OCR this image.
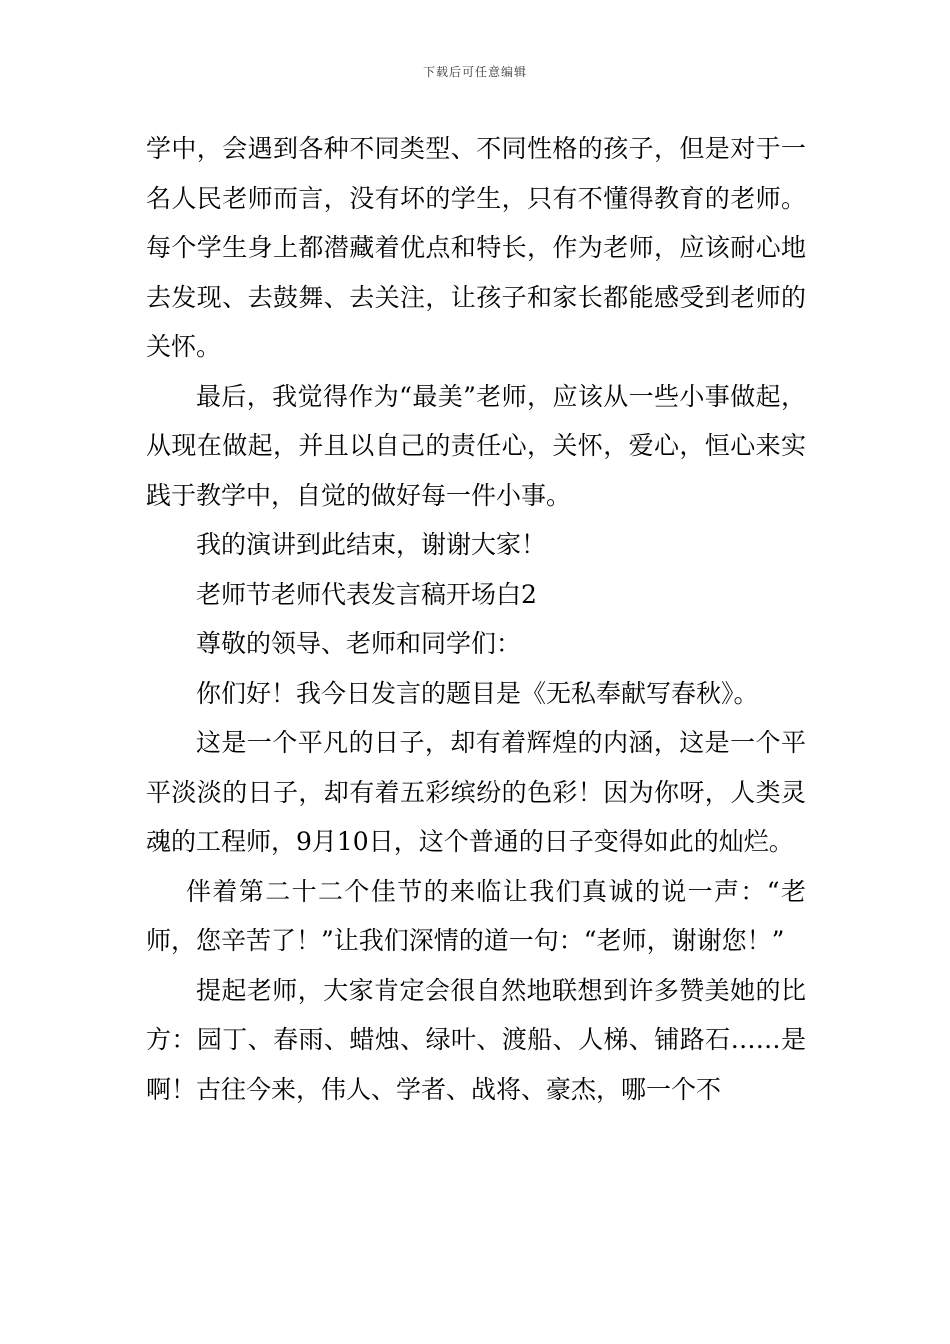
下载后可任意编辑

学中，会遇到各种不同类型、不同性格的孩子，但是对于一名人民老师而言，没有坏的学生，只有不懂得教育的老师。每个学生身上都潜藏着优点和特长，作为老师，应该耐心地去发现、去鼓舞、去关注，让孩子和家长都能感受到老师的关怀。

最后，我觉得作为“最美”老师，应该从一些小事做起，从现在做起，并且以自己的责任心，关怀，爱心，恒心来实践于教学中，自觉的做好每一件小事。

我的演讲到此结束，谢谢大家！

老师节老师代表发言稿开场白2

尊敬的领导、老师和同学们：

你们好！我今日发言的题目是《无私奉献写春秋》。

这是一个平凡的日子，却有着辉煌的内涵，这是一个平平淡淡的日子，却有着五彩缤纷的色彩！因为你呀，人类灵魂的工程师，9月10日，这个普通的日子变得如此的灿烂。

伴着第二十二个佳节的来临让我们真诚的说一声：“老师，您辛苦了！”让我们深情的道一句：“老师，谢谢您！”

提起老师，大家肯定会很自然地联想到许多赞美她的比方：园丁、春雨、蜡烛、绿叶、渡船、人梯、铺路石……是啊！古往今来，伟人、学者、战将、豪杰，哪一个不
